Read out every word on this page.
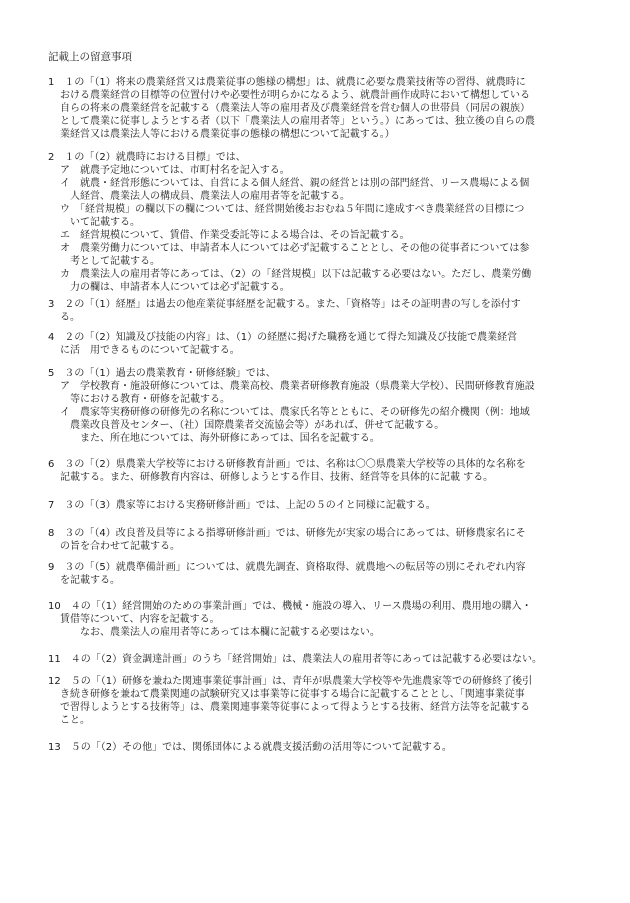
記載上の留意事項
1　１の「（1）将来の農業経営又は農業従事の態様の構想」は、就農に必要な農業技術等の習得、就農時に
おける農業経営の目標等の位置付けや必要性が明らかになるよう、就農計画作成時において構想している
自らの将来の農業経営を記載する（農業法人等の雇用者及び農業経営を営む個人の世帯員（同居の親族）
として農業に従事しようとする者（以下「農業法人の雇用者等」という。）にあっては、独立後の自らの農
業経営又は農業法人等における農業従事の態様の構想について記載する。）
2　１の「（2）就農時における目標」では、
ア　就農予定地については、市町村名を記入する。
イ　就農・経営形態については、自営による個人経営、親の経営とは別の部門経営、リース農場による個
人経営、農業法人の構成員、農業法人の雇用者等を記載する。
ウ　「経営規模」の欄以下の欄については、経営開始後おおむね５年間に達成すべき農業経営の目標につ
いて記載する。
エ　経営規模について、賃借、作業受委託等による場合は、その旨記載する。
オ　農業労働力については、申請者本人については必ず記載することとし、その他の従事者については参
考として記載する。
カ　農業法人の雇用者等にあっては、（2）の「経営規模」以下は記載する必要はない。ただし、農業労働
力の欄は、申請者本人については必ず記載する。
3　２の「（1）経歴」は過去の他産業従事経歴を記載する。また、「資格等」はその証明書の写しを添付す
る。
4　２の「（2）知識及び技能の内容」は、（1）の経歴に掲げた職務を通じて得た知識及び技能で農業経営
に活　用できるものについて記載する。
5　３の「（1）過去の農業教育・研修経験」では、
ア　学校教育・施設研修については、農業高校、農業者研修教育施設（県農業大学校）、民間研修教育施設
等における教育・研修を記載する。
イ　農家等実務研修の研修先の名称については、農家氏名等とともに、その研修先の紹介機関（例：地域
農業改良普及センター、（社）国際農業者交流協会等）があれば、併せて記載する。
　　また、所在地については、海外研修にあっては、国名を記載する。
6　３の「（2）県農業大学校等における研修教育計画」では、名称は〇〇県農業大学校等の具体的な名称を
記載する。また、研修教育内容は、研修しようとする作目、技術、経営等を具体的に記載 する。
7　３の「（3）農家等における実務研修計画」では、上記の５のイと同様に記載する。
8　３の「（4）改良普及員等による指導研修計画」では、研修先が実家の場合にあっては、研修農家名にそ
の旨を合わせて記載する。
9　３の「（5）就農準備計画」については、就農先調査、資格取得、就農地への転居等の別にそれぞれ内容
を記載する。
10　４の「（1）経営開始のための事業計画」では、機械・施設の導入、リース農場の利用、農用地の購入・
賃借等について、内容を記載する。
　なお、農業法人の雇用者等にあっては本欄に記載する必要はない。
11　４の「（2）資金調達計画」のうち「経営開始」は、農業法人の雇用者等にあっては記載する必要はない。
12　５の「（1）研修を兼ねた関連事業従事計画」は、青年が県農業大学校等や先進農家等での研修終了後引
き続き研修を兼ねて農業関連の試験研究又は事業等に従事する場合に記載することとし、「関連事業従事
で習得しようとする技術等」は、農業関連事業等従事によって得ようとする技術、経営方法等を記載する
こと。
13　５の「（2）その他」では、関係団体による就農支援活動の活用等について記載する。
